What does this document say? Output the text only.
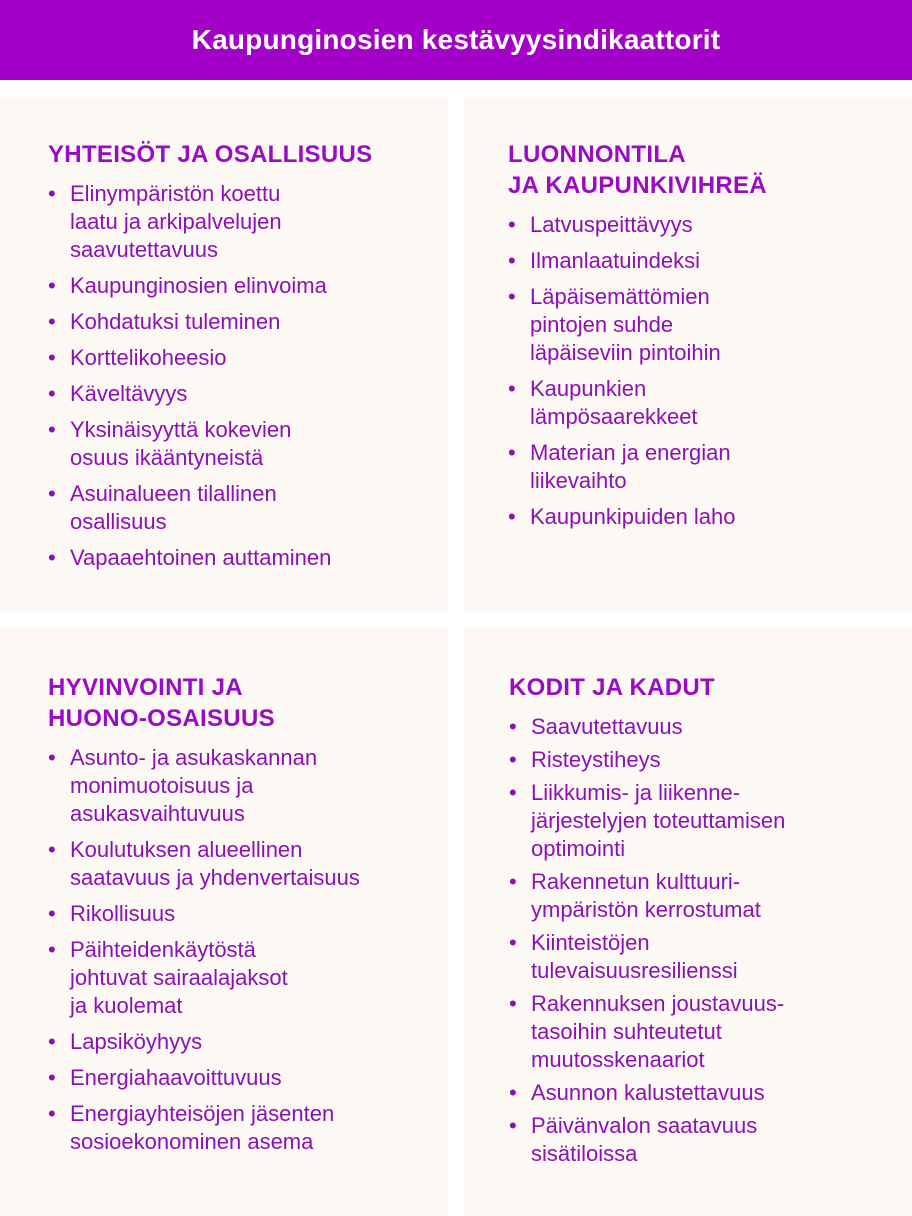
Kaupunginosien kestävyysindikaattorit
YHTEISÖT JA OSALLISUUS
• Elinympäristön koettu
laatu ja arkipalvelujen
saavutettavuus
• Kaupunginosien elinvoima
• Kohdatuksi tuleminen
• Korttelikoheesio
• Käveltävyys
• Yksinäisyyttä kokevien
osuus ikääntyneistä
• Asuinalueen tilallinen
osallisuus
• Vapaaehtoinen auttaminen
LUONNONTILA
JA KAUPUNKIVIHREÄ
• Latvuspeittävyys
• Ilmanlaatuindeksi
• Läpäisemättömien
pintojen suhde
läpäiseviin pintoihin
• Kaupunkien
lämpösaarekkeet
• Materian ja energian
liikevaihto
• Kaupunkipuiden laho
HYVINVOINTI JA
HUONO-OSAISUUS
• Asunto- ja asukaskannan
monimuotoisuus ja
asukasvaihtuvuus
• Koulutuksen alueellinen
saatavuus ja yhdenvertaisuus
• Rikollisuus
• Päihteidenkäytöstä
johtuvat sairaalajaksot
ja kuolemat
• Lapsiköyhyys
• Energiahaavoittuvuus
• Energiayhteisöjen jäsenten
sosioekonominen asema
KODIT JA KADUT
• Saavutettavuus
• Risteystiheys
• Liikkumis- ja liikenne-
järjestelyjen toteuttamisen
optimointi
• Rakennetun kulttuuri-
ympäristön kerrostumat
• Kiinteistöjen
tulevaisuusresilienssi
• Rakennuksen joustavuus-
tasoihin suhteutetut
muutosskenaariot
• Asunnon kalustettavuus
• Päivänvalon saatavuus
sisätiloissa
